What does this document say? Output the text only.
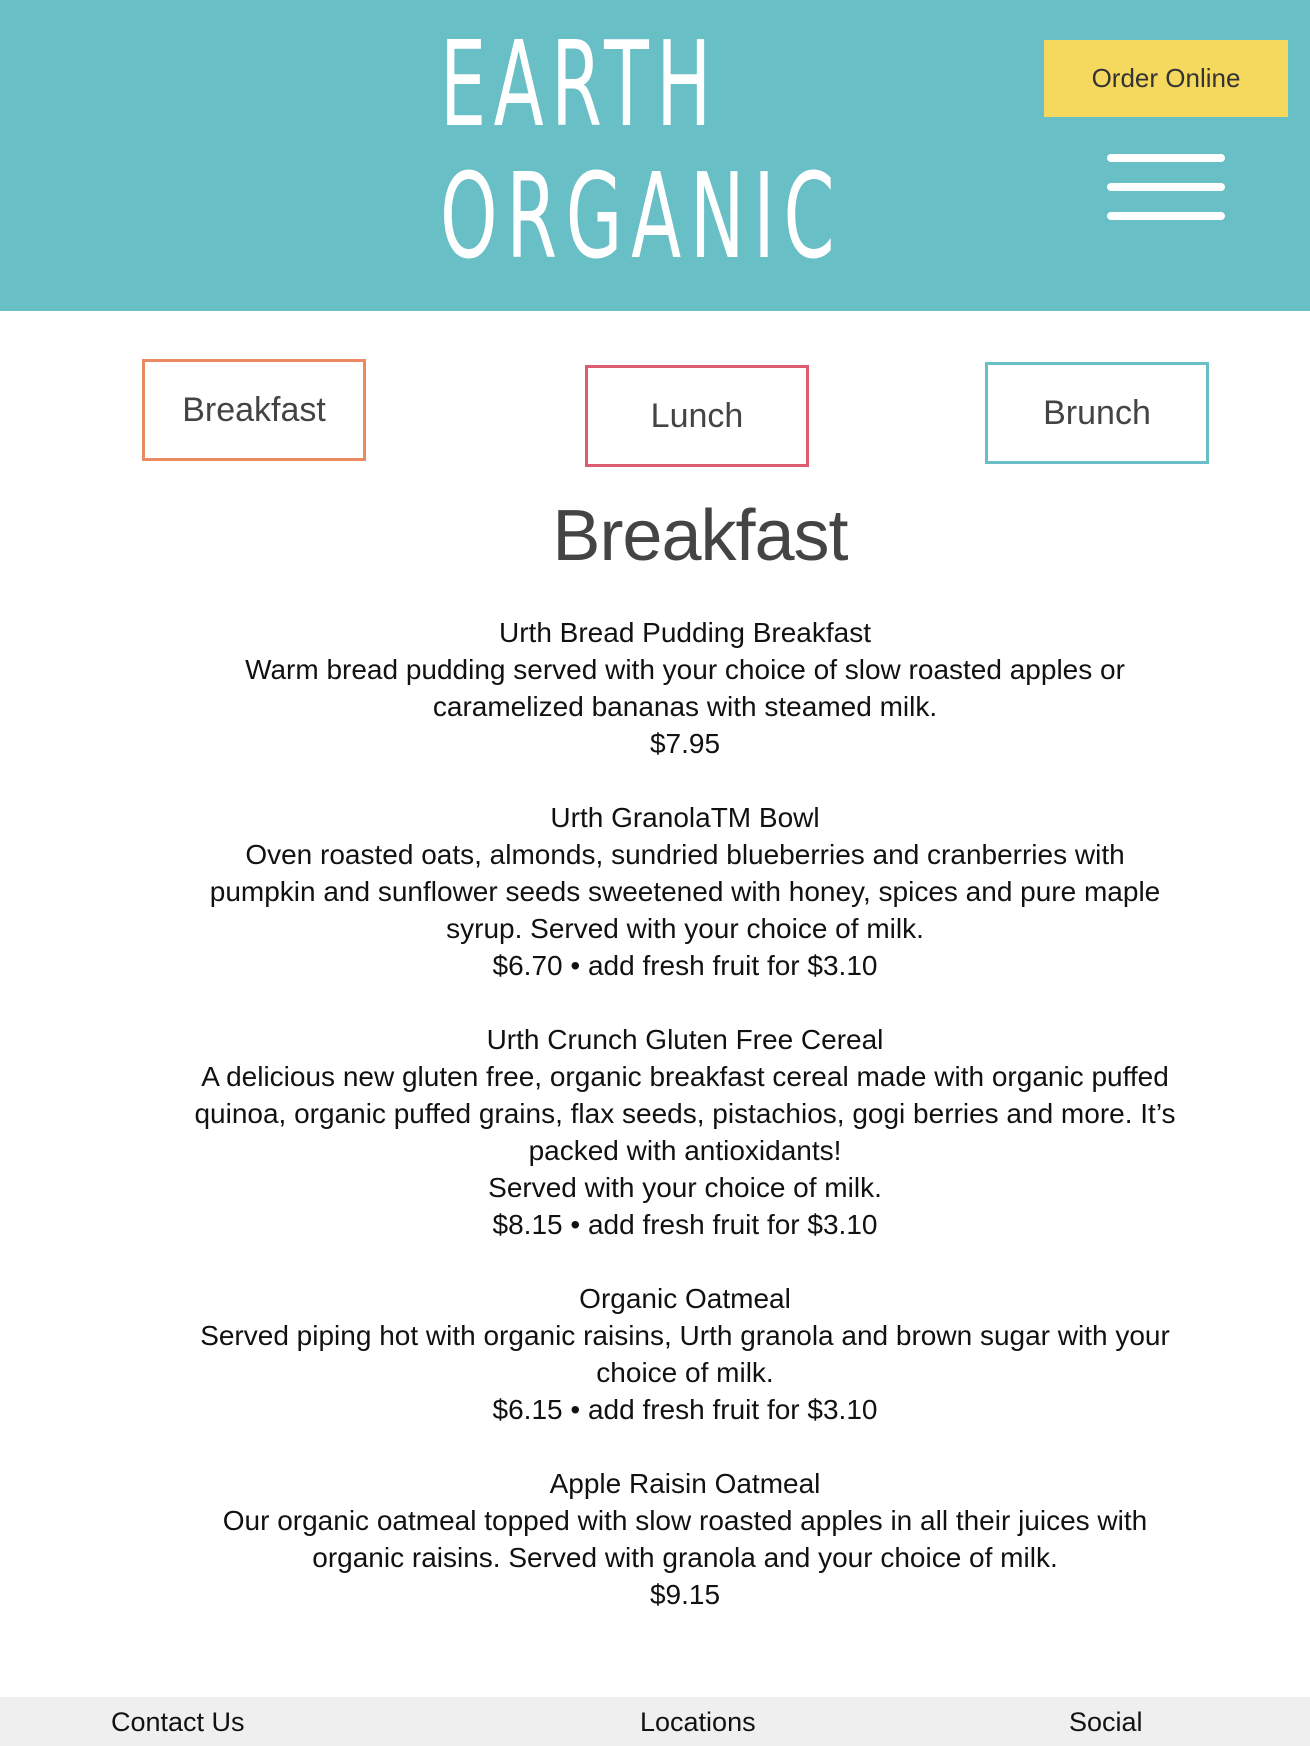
EARTH
ORGANIC
Order Online
Breakfast	Lunch	Brunch
Breakfast
Urth Bread Pudding Breakfast
Warm bread pudding served with your choice of slow roasted apples or caramelized bananas with steamed milk.
$7.95
Urth GranolaTM Bowl
Oven roasted oats, almonds, sundried blueberries and cranberries with pumpkin and sunflower seeds sweetened with honey, spices and pure maple syrup. Served with your choice of milk.
$6.70 • add fresh fruit for $3.10
Urth Crunch Gluten Free Cereal
A delicious new gluten free, organic breakfast cereal made with organic puffed quinoa, organic puffed grains, flax seeds, pistachios, gogi berries and more. It’s packed with antioxidants!
Served with your choice of milk.
$8.15 • add fresh fruit for $3.10
Organic Oatmeal
Served piping hot with organic raisins, Urth granola and brown sugar with your choice of milk.
$6.15 • add fresh fruit for $3.10
Apple Raisin Oatmeal
Our organic oatmeal topped with slow roasted apples in all their juices with organic raisins. Served with granola and your choice of milk.
$9.15
Contact Us	Locations	Social
